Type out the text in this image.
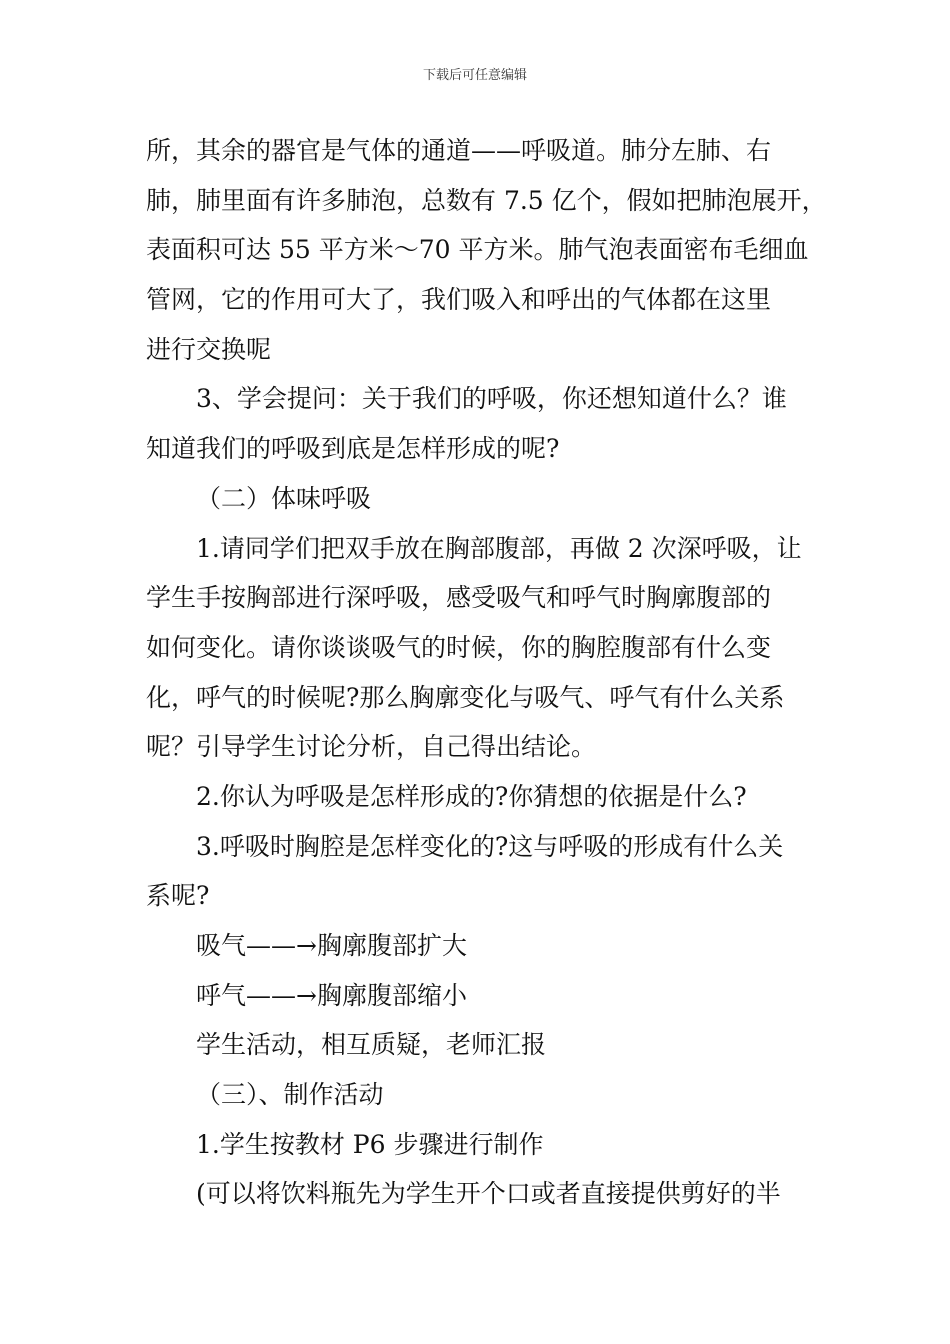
下载后可任意编辑
所，其余的器官是气体的通道——呼吸道。肺分左肺、右
肺，肺里面有许多肺泡，总数有 7.5 亿个，假如把肺泡展开，
表面积可达 55 平方米～70 平方米。肺气泡表面密布毛细血
管网，它的作用可大了，我们吸入和呼出的气体都在这里
进行交换呢
3、学会提问：关于我们的呼吸，你还想知道什么？谁
知道我们的呼吸到底是怎样形成的呢?
（二）体味呼吸
1.请同学们把双手放在胸部腹部，再做 2 次深呼吸，让
学生手按胸部进行深呼吸，感受吸气和呼气时胸廓腹部的
如何变化。请你谈谈吸气的时候，你的胸腔腹部有什么变
化，呼气的时候呢?那么胸廓变化与吸气、呼气有什么关系
呢？引导学生讨论分析，自己得出结论。
2.你认为呼吸是怎样形成的?你猜想的依据是什么?
3.呼吸时胸腔是怎样变化的?这与呼吸的形成有什么关
系呢?
吸气——→胸廓腹部扩大
呼气——→胸廓腹部缩小
学生活动，相互质疑，老师汇报
（三）、制作活动
1.学生按教材 P6 步骤进行制作
(可以将饮料瓶先为学生开个口或者直接提供剪好的半
